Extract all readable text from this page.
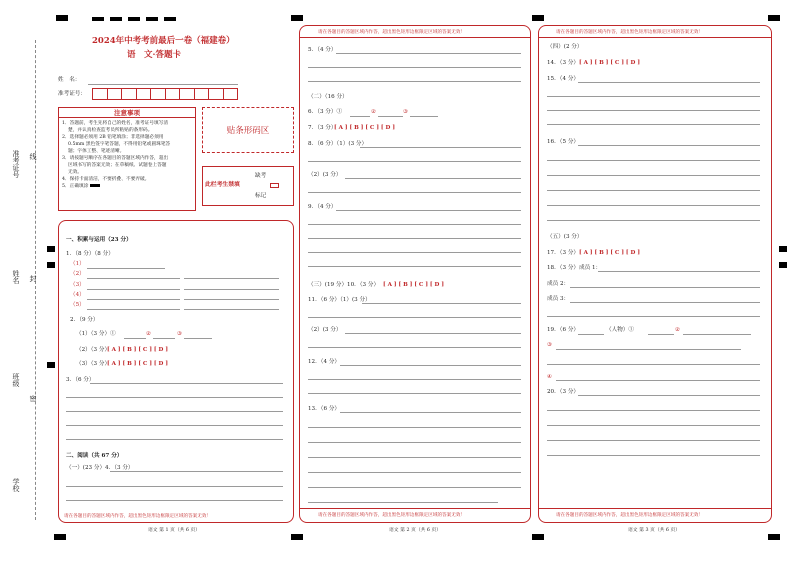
准考证号 线
姓名 封
班级
密
学校
2024年中考考前最后一卷（福建卷）
语　文·答题卡
姓　名：
准考证号：
注意事项
1．答题前，考生先将自己的姓名，准考证号填写清
楚，并认真检查监考员所粘贴的条形码。
2．选择题必须用 2B 铅笔填涂；非选择题必须用
0.5mm 黑色签字笔答题，不得用铅笔或圆珠笔答
题；字体工整、笔迹清晰。
3．请按题号顺序在各题目的答题区域内作答，超出
区域书写的答案无效；在草稿纸、试题卷上答题
无效。
4．保持卡面清洁，不要折叠、不要弄破。
5．正确填涂
贴条形码区
此栏考生禁填
缺考
标记
一、积累与运用（23 分）
1．（8 分）（8 分）
（1）
（2）
（3）
（4）
（5）
2．（9 分）
（1）（3 分）①	②	③
（2）（3 分）
[ A ] [ B ] [ C ] [ D ]
（3）（3 分）
[ A ] [ B ] [ C ] [ D ]
3．（6 分）
二、阅读（共 67 分）
（一）(23 分）4．（3 分）
请在各题目的答题区域内作答，超出黑色矩形边框限定区域的答案无效！
语文 第 1 页（共 6 页）
请在各题目的答题区域内作答，超出黑色矩形边框限定区域的答案无效！
5．（4 分）
（二）（16 分）
6．（3 分）①	②	③
7．（3 分）
[ A ] [ B ] [ C ] [ D ]
8．（6 分）（1）(3 分）
（2）(3 分）
9．（4 分）
（三）(19 分）10．（3 分） [ A ] [ B ] [ C ] [ D ]
11．（6 分）（1）(3 分）
（2）(3 分）
12．（4 分）
13．（6 分）
请在各题目的答题区域内作答，超出黑色矩形边框限定区域的答案无效！
语文 第 2 页（共 6 页）
请在各题目的答题区域内作答，超出黑色矩形边框限定区域的答案无效！
（四）(2 分）
14．（3 分） [ A ] [ B ] [ C ] [ D ]
15．（4 分）
16．（5 分）
（五）(3 分）
17．（3 分） [ A ] [ B ] [ C ] [ D ]
18．（3 分）成员 1：
成员 2：
成员 3：
19．（6 分）	（人物）①	②
③
④
20．（3 分）
请在各题目的答题区域内作答，超出黑色矩形边框限定区域的答案无效！
语文 第 3 页（共 6 页）
